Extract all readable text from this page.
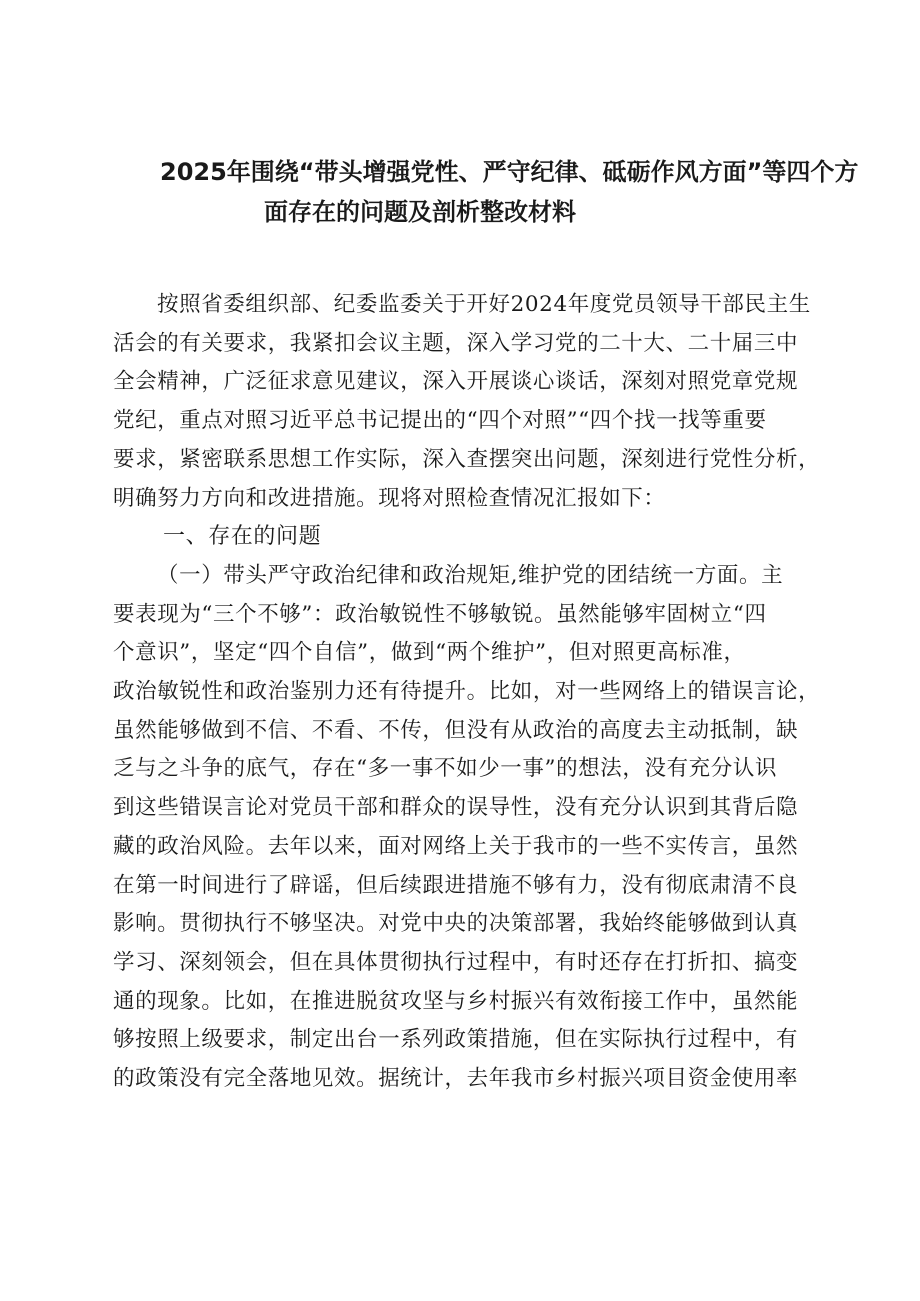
2025年围绕“带头增强党性、严守纪律、砥砺作风方面”等四个方
面存在的问题及剖析整改材料
按照省委组织部、纪委监委关于开好2024年度党员领导干部民主生
活会的有关要求，我紧扣会议主题，深入学习党的二十大、二十届三中
全会精神，广泛征求意见建议，深入开展谈心谈话，深刻对照党章党规
党纪，重点对照习近平总书记提出的“四个对照”“四个找一找等重要
要求，紧密联系思想工作实际，深入查摆突出问题，深刻进行党性分析，
明确努力方向和改进措施。现将对照检查情况汇报如下：
一、存在的问题
（一）带头严守政治纪律和政治规矩,维护党的团结统一方面。主
要表现为“三个不够”：政治敏锐性不够敏锐。虽然能够牢固树立“四
个意识”，坚定“四个自信”，做到“两个维护”，但对照更高标准，
政治敏锐性和政治鉴别力还有待提升。比如，对一些网络上的错误言论，
虽然能够做到不信、不看、不传，但没有从政治的高度去主动抵制，缺
乏与之斗争的底气，存在“多一事不如少一事”的想法，没有充分认识
到这些错误言论对党员干部和群众的误导性，没有充分认识到其背后隐
藏的政治风险。去年以来，面对网络上关于我市的一些不实传言，虽然
在第一时间进行了辟谣，但后续跟进措施不够有力，没有彻底肃清不良
影响。贯彻执行不够坚决。对党中央的决策部署，我始终能够做到认真
学习、深刻领会，但在具体贯彻执行过程中，有时还存在打折扣、搞变
通的现象。比如，在推进脱贫攻坚与乡村振兴有效衔接工作中，虽然能
够按照上级要求，制定出台一系列政策措施，但在实际执行过程中，有
的政策没有完全落地见效。据统计，去年我市乡村振兴项目资金使用率
